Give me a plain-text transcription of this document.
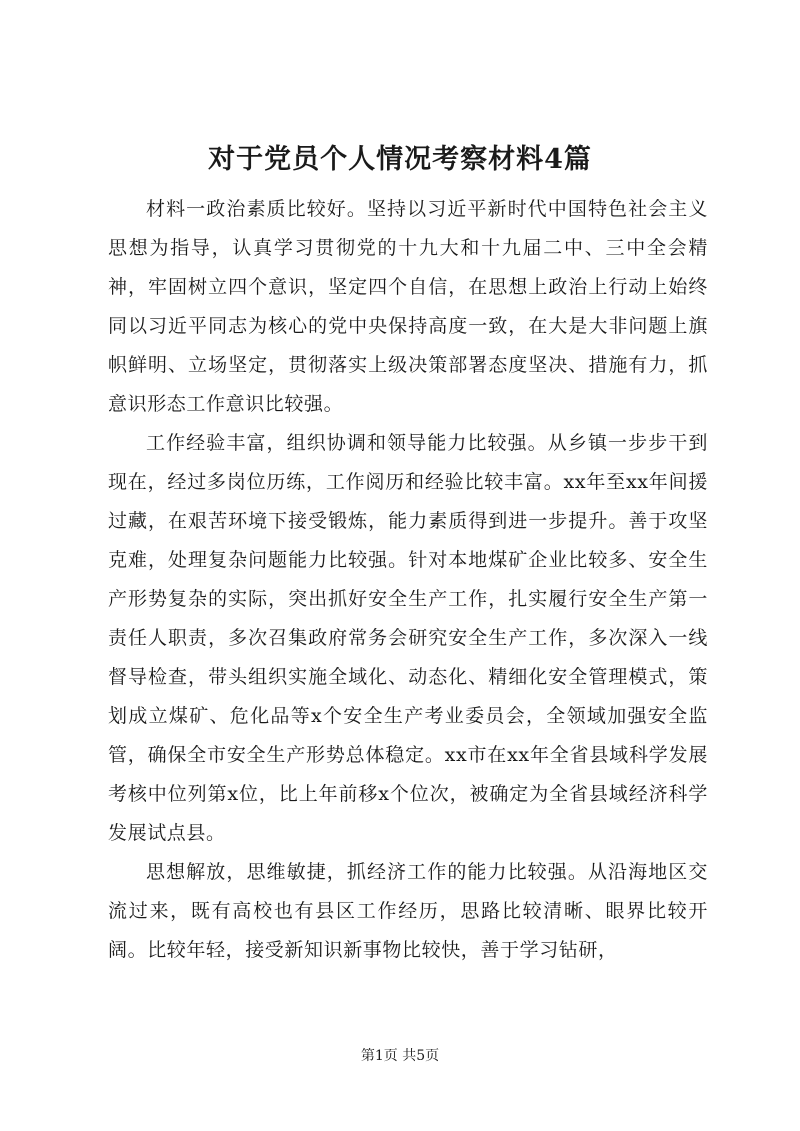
对于党员个人情况考察材料4篇

材料一政治素质比较好。坚持以习近平新时代中国特色社会主义思想为指导，认真学习贯彻党的十九大和十九届二中、三中全会精神，牢固树立四个意识，坚定四个自信，在思想上政治上行动上始终同以习近平同志为核心的党中央保持高度一致，在大是大非问题上旗帜鲜明、立场坚定，贯彻落实上级决策部署态度坚决、措施有力，抓意识形态工作意识比较强。

工作经验丰富，组织协调和领导能力比较强。从乡镇一步步干到现在，经过多岗位历练，工作阅历和经验比较丰富。xx年至xx年间援过藏，在艰苦环境下接受锻炼，能力素质得到进一步提升。善于攻坚克难，处理复杂问题能力比较强。针对本地煤矿企业比较多、安全生产形势复杂的实际，突出抓好安全生产工作，扎实履行安全生产第一责任人职责，多次召集政府常务会研究安全生产工作，多次深入一线督导检查，带头组织实施全域化、动态化、精细化安全管理模式，策划成立煤矿、危化品等x个安全生产考业委员会，全领域加强安全监管，确保全市安全生产形势总体稳定。xx市在xx年全省县域科学发展考核中位列第x位，比上年前移x个位次，被确定为全省县域经济科学发展试点县。

思想解放，思维敏捷，抓经济工作的能力比较强。从沿海地区交流过来，既有高校也有县区工作经历，思路比较清晰、眼界比较开阔。比较年轻，接受新知识新事物比较快，善于学习钻研，

第1页 共5页
